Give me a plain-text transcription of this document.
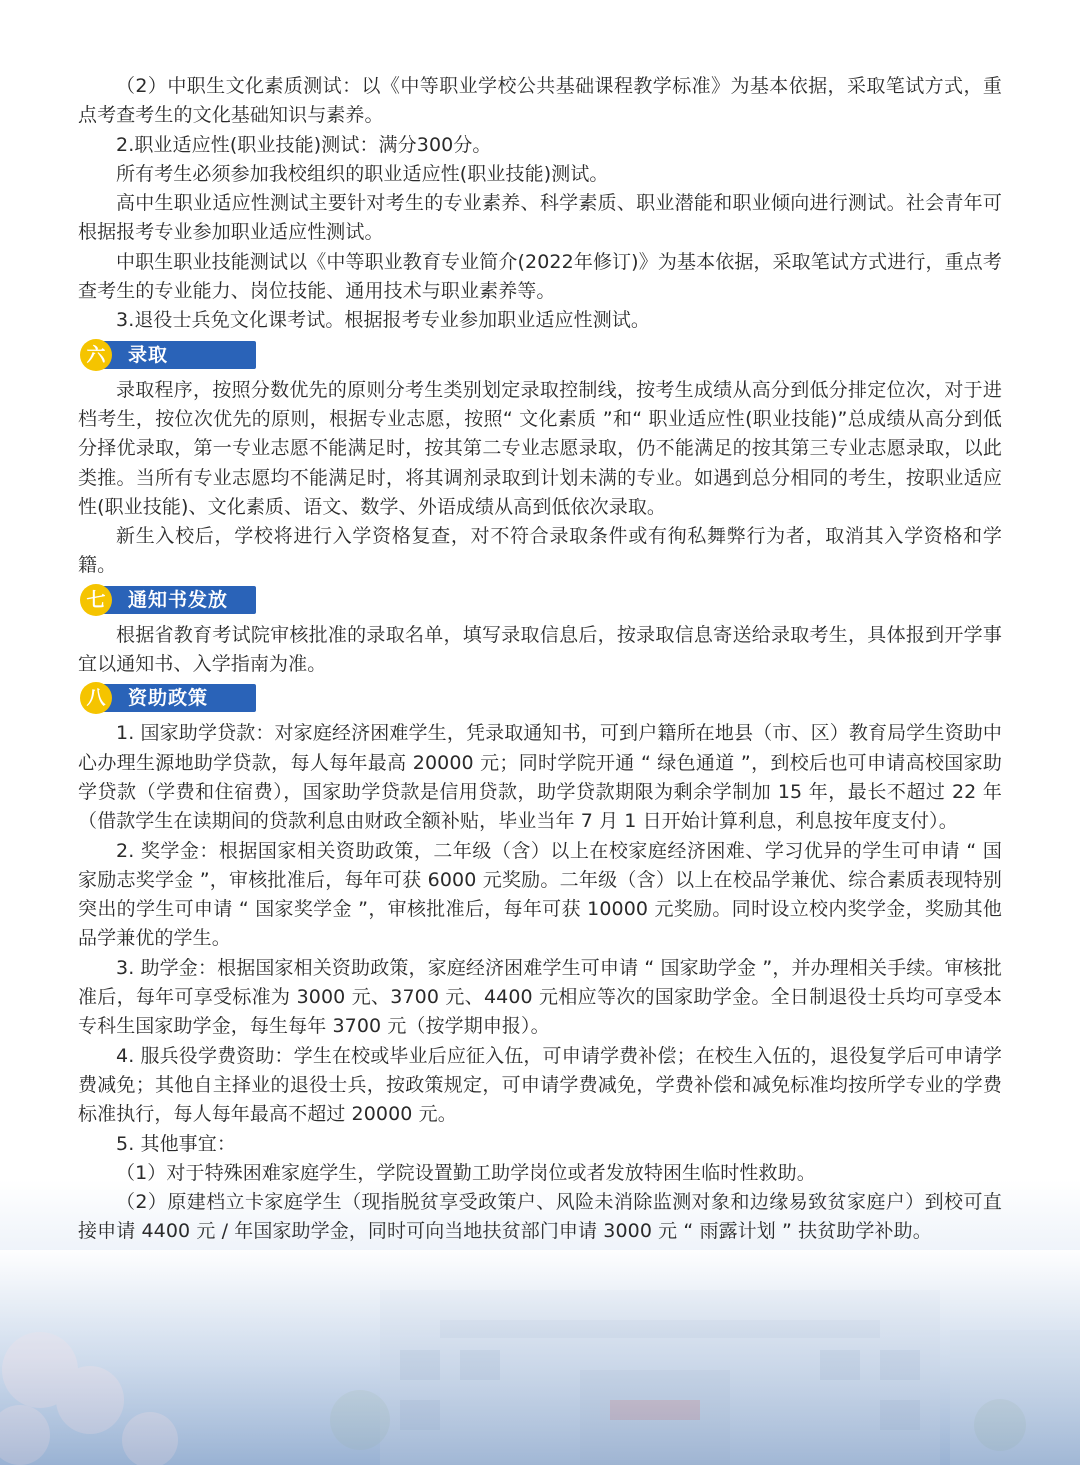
（2）中职生文化素质测试：以《中等职业学校公共基础课程教学标准》为基本依据，采取笔试方式，重点考查考生的文化基础知识与素养。

2.职业适应性(职业技能)测试：满分300分。

所有考生必须参加我校组织的职业适应性(职业技能)测试。

高中生职业适应性测试主要针对考生的专业素养、科学素质、职业潜能和职业倾向进行测试。社会青年可根据报考专业参加职业适应性测试。

中职生职业技能测试以《中等职业教育专业简介(2022年修订)》为基本依据，采取笔试方式进行，重点考查考生的专业能力、岗位技能、通用技术与职业素养等。

3.退役士兵免文化课考试。根据报考专业参加职业适应性测试。

六	录取

录取程序，按照分数优先的原则分考生类别划定录取控制线，按考生成绩从高分到低分排定位次，对于进档考生，按位次优先的原则，根据专业志愿，按照“ 文化素质 ”和“ 职业适应性(职业技能)”总成绩从高分到低分择优录取，第一专业志愿不能满足时，按其第二专业志愿录取，仍不能满足的按其第三专业志愿录取，以此类推。当所有专业志愿均不能满足时，将其调剂录取到计划未满的专业。如遇到总分相同的考生，按职业适应性(职业技能)、文化素质、语文、数学、外语成绩从高到低依次录取。

新生入校后，学校将进行入学资格复查，对不符合录取条件或有徇私舞弊行为者，取消其入学资格和学籍。

七	通知书发放

根据省教育考试院审核批准的录取名单，填写录取信息后，按录取信息寄送给录取考生，具体报到开学事宜以通知书、入学指南为准。

八	资助政策

1. 国家助学贷款：对家庭经济困难学生，凭录取通知书，可到户籍所在地县（市、区）教育局学生资助中心办理生源地助学贷款，每人每年最高 20000 元；同时学院开通 “ 绿色通道 ”，到校后也可申请高校国家助学贷款（学费和住宿费），国家助学贷款是信用贷款，助学贷款期限为剩余学制加 15 年，最长不超过 22 年（借款学生在读期间的贷款利息由财政全额补贴，毕业当年 7 月 1 日开始计算利息，利息按年度支付）。

2. 奖学金：根据国家相关资助政策，二年级（含）以上在校家庭经济困难、学习优异的学生可申请 “ 国家励志奖学金 ”，审核批准后，每年可获 6000 元奖励。二年级（含）以上在校品学兼优、综合素质表现特别突出的学生可申请 “ 国家奖学金 ”，审核批准后，每年可获 10000 元奖励。同时设立校内奖学金，奖励其他品学兼优的学生。

3. 助学金：根据国家相关资助政策，家庭经济困难学生可申请 “ 国家助学金 ”，并办理相关手续。审核批准后，每年可享受标准为 3000 元、3700 元、4400 元相应等次的国家助学金。全日制退役士兵均可享受本专科生国家助学金，每生每年 3700 元（按学期申报）。

4. 服兵役学费资助：学生在校或毕业后应征入伍，可申请学费补偿；在校生入伍的，退役复学后可申请学费减免；其他自主择业的退役士兵，按政策规定，可申请学费减免，学费补偿和减免标准均按所学专业的学费标准执行，每人每年最高不超过 20000 元。

5. 其他事宜：

（1）对于特殊困难家庭学生，学院设置勤工助学岗位或者发放特困生临时性救助。

（2）原建档立卡家庭学生（现指脱贫享受政策户、风险未消除监测对象和边缘易致贫家庭户）到校可直接申请 4400 元 / 年国家助学金，同时可向当地扶贫部门申请 3000 元 “ 雨露计划 ” 扶贫助学补助。
